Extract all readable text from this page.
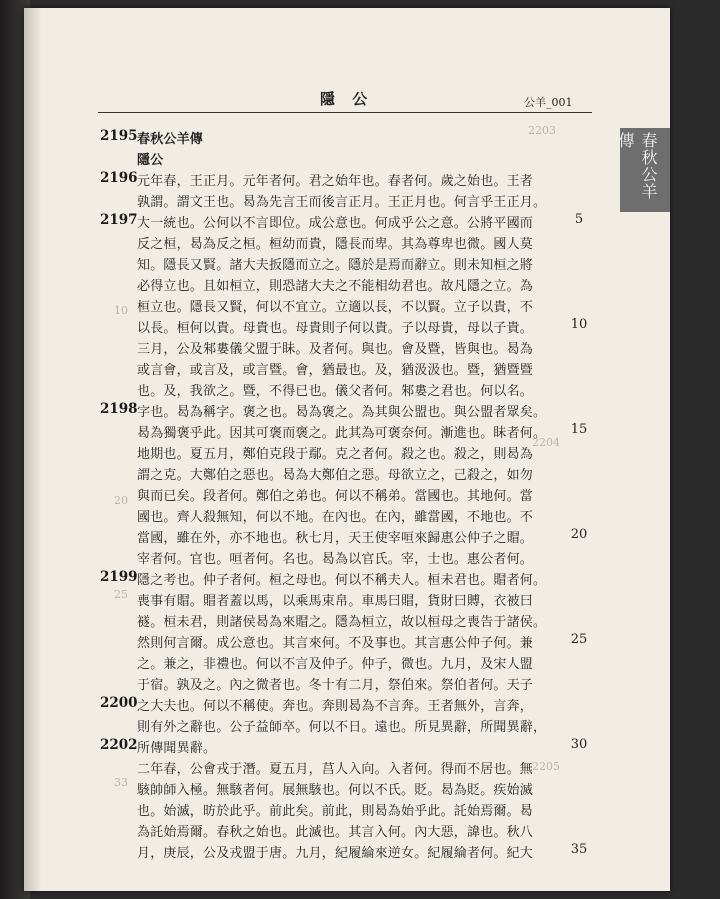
隱 公	公羊_001
春秋公羊傳
2203
10
20
25
33
2204
2205
春秋公羊傳
隱公
元年春，王正月。元年者何。君之始年也。春者何。歲之始也。王者
孰謂。謂文王也。曷為先言王而後言正月。王正月也。何言乎王正月。
大一統也。公何以不言即位。成公意也。何成乎公之意。公將平國而
反之桓，曷為反之桓。桓幼而貴，隱長而卑。其為尊卑也微。國人莫
知。隱長又賢。諸大夫扳隱而立之。隱於是焉而辭立。則未知桓之將
必得立也。且如桓立，則恐諸大夫之不能相幼君也。故凡隱之立。為
桓立也。隱長又賢，何以不宜立。立適以長，不以賢。立子以貴，不
以長。桓何以貴。母貴也。母貴則子何以貴。子以母貴，母以子貴。
三月，公及邾婁儀父盟于眛。及者何。與也。會及暨，皆與也。曷為
或言會，或言及，或言暨。會，猶最也。及，猶汲汲也。暨，猶暨暨
也。及，我欲之。暨，不得已也。儀父者何。邾婁之君也。何以名。
字也。曷為稱字。褒之也。曷為褒之。為其與公盟也。與公盟者眾矣。
曷為獨褒乎此。因其可褒而褒之。此其為可褒奈何。漸進也。眛者何。
地期也。夏五月，鄭伯克段于鄢。克之者何。殺之也。殺之，則曷為
謂之克。大鄭伯之惡也。曷為大鄭伯之惡。母欲立之，己殺之，如勿
與而已矣。段者何。鄭伯之弟也。何以不稱弟。當國也。其地何。當
國也。齊人殺無知，何以不地。在內也。在內，雖當國，不地也。不
當國，雖在外，亦不地也。秋七月，天王使宰咺來歸惠公仲子之賵。
宰者何。官也。咺者何。名也。曷為以官氏。宰，士也。惠公者何。
隱之考也。仲子者何。桓之母也。何以不稱夫人。桓未君也。賵者何。
喪事有賵。賵者蓋以馬，以乘馬束帛。車馬曰賵，貨財曰賻，衣被曰
襚。桓未君，則諸侯曷為來賵之。隱為桓立，故以桓母之喪告于諸侯。
然則何言爾。成公意也。其言來何。不及事也。其言惠公仲子何。兼
之。兼之，非禮也。何以不言及仲子。仲子，微也。九月，及宋人盟
于宿。孰及之。內之微者也。冬十有二月，祭伯來。祭伯者何。天子
之大夫也。何以不稱使。奔也。奔則曷為不言奔。王者無外，言奔，
則有外之辭也。公子益師卒。何以不日。遠也。所見異辭，所聞異辭，
所傳聞異辭。
二年春，公會戎于潛。夏五月，莒人入向。入者何。得而不居也。無
駭帥師入極。無駭者何。展無駭也。何以不氏。貶。曷為貶。疾始滅
也。始滅，昉於此乎。前此矣。前此，則曷為始乎此。託始焉爾。曷
為託始焉爾。春秋之始也。此滅也。其言入何。內大惡，諱也。秋八
月，庚辰，公及戎盟于唐。九月，紀履綸來逆女。紀履綸者何。紀大
2195
2196
2197
2198
2199
2200
2202
5
10
15
20
25
30
35
